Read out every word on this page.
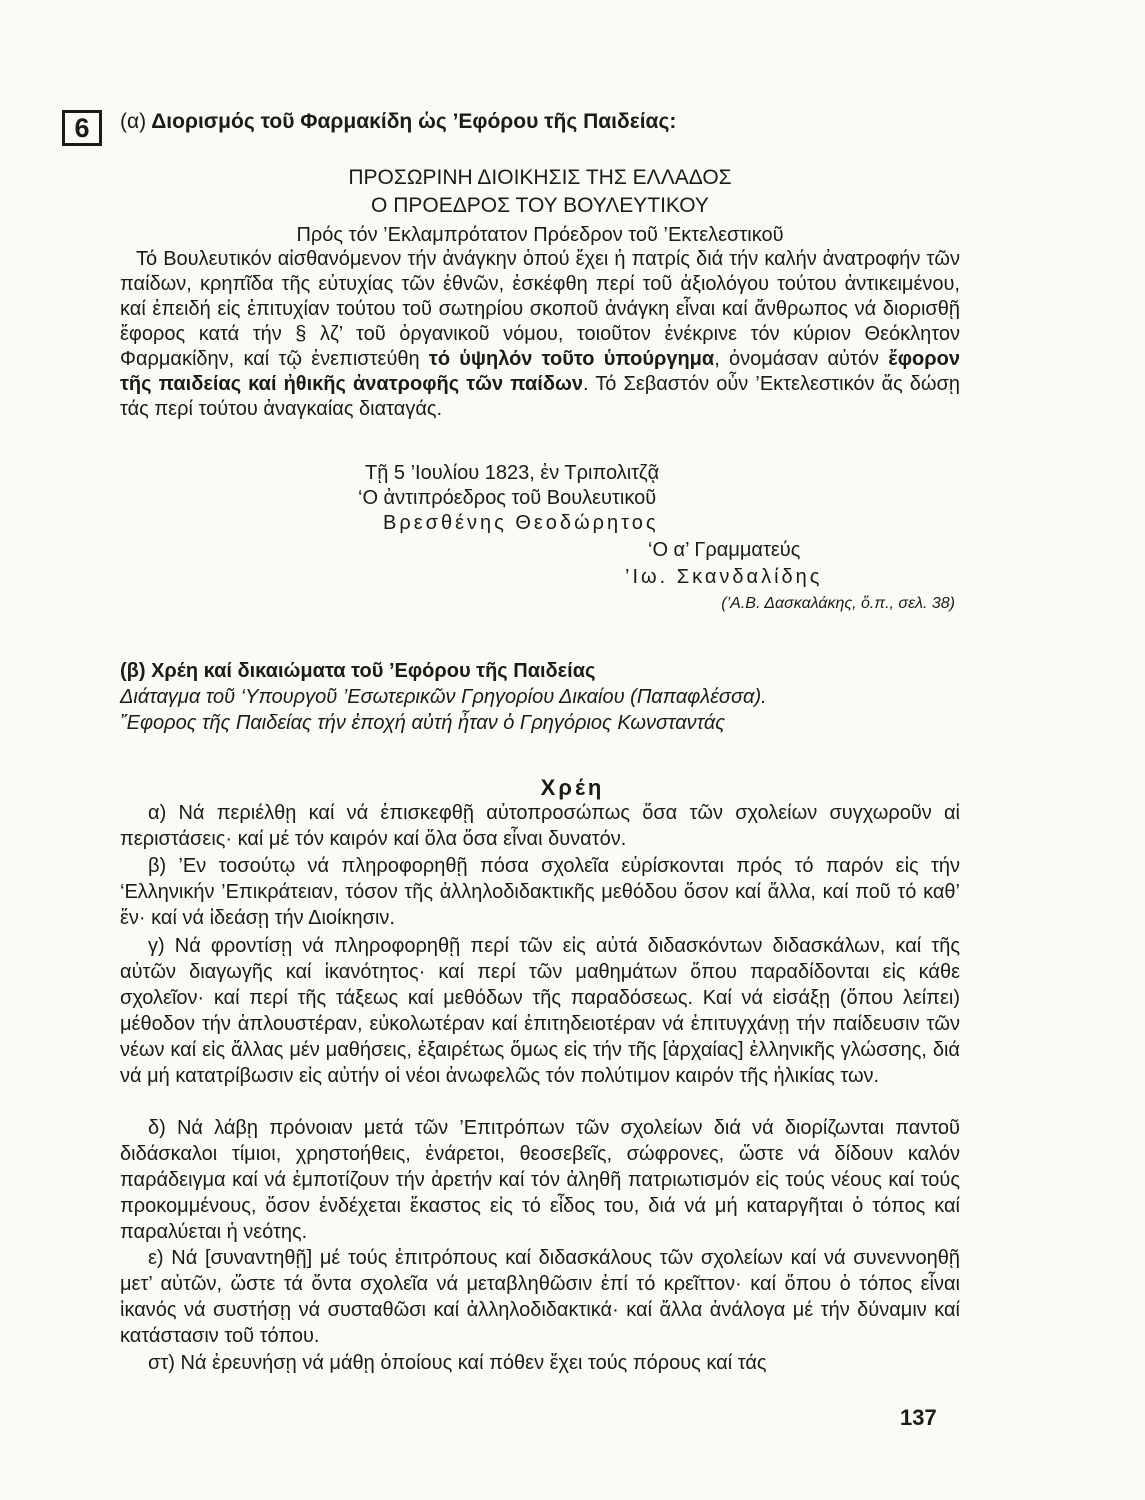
6	(α) Διορισμός τοῦ Φαρμακίδη ὡς ’Εφόρου τῆς Παιδείας:
ΠΡΟΣΩΡΙΝΗ ΔΙΟΙΚΗΣΙΣ ΤΗΣ ΕΛΛΑΔΟΣ
Ο ΠΡΟΕΔΡΟΣ ΤΟΥ ΒΟΥΛΕΥΤΙΚΟΥ
Πρός τόν ’Εκλαμπρότατον Πρόεδρον τοῦ ’Εκτελεστικοῦ

Τό Βουλευτικόν αἰσθανόμενον τήν ἀνάγκην ὁπού ἔχει ἡ πατρίς διά τήν καλήν ἀνατροφήν τῶν παίδων, κρηπῖδα τῆς εὐτυχίας τῶν ἐθνῶν, ἐσκέφθη περί τοῦ ἀξιολόγου τούτου ἀντικειμένου, καί ἐπειδή εἰς ἐπιτυχίαν τούτου τοῦ σωτηρίου σκοποῦ ἀνάγκη εἶναι καί ἄνθρωπος νά διορισθῇ ἔφορος κατά τήν § λζ’ τοῦ ὀργανικοῦ νόμου, τοιοῦτον ἐνέκρινε τόν κύριον Θεόκλητον Φαρμακίδην, καί τῷ ἐνεπιστεύθη τό ὑψηλόν τοῦτο ὑπούργημα, ὀνομάσαν αὐτόν ἔφορον τῆς παιδείας καί ἠθικῆς ἀνατροφῆς τῶν παίδων. Τό Σεβαστόν οὖν ’Εκτελεστικόν ἄς δώσῃ τάς περί τούτου ἀναγκαίας διαταγάς.

Τῇ 5 ’Ιουλίου 1823, ἐν Τριπολιτζᾷ
‘Ο ἀντιπρόεδρος τοῦ Βουλευτικοῦ
Βρεσθένης Θεοδώρητος
‘Ο α’ Γραμματεύς
’Ιω. Σκανδαλίδης
(’Α.Β. Δασκαλάκης, ὅ.π., σελ. 38)
(β) Χρέη καί δικαιώματα τοῦ ’Εφόρου τῆς Παιδείας
Διάταγμα τοῦ ‘Υπουργοῦ ’Εσωτερικῶν Γρηγορίου Δικαίου (Παπαφλέσσα).
῎Εφορος τῆς Παιδείας τήν ἐποχή αὐτή ἦταν ὁ Γρηγόριος Κωνσταντάς
Χρέη

α) Νά περιέλθῃ καί νά ἐπισκεφθῇ αὐτοπροσώπως ὅσα τῶν σχολείων συγχωροῦν αἱ περιστάσεις· καί μέ τόν καιρόν καί ὅλα ὅσα εἶναι δυνατόν.

β) ’Εν τοσούτῳ νά πληροφορηθῇ πόσα σχολεῖα εὑρίσκονται πρός τό παρόν εἰς τήν ‘Ελληνικήν ’Επικράτειαν, τόσον τῆς ἀλληλοδιδακτικῆς μεθόδου ὅσον καί ἄλλα, καί ποῦ τό καθ’ ἕν· καί νά ἰδεάσῃ τήν Διοίκησιν.

γ) Νά φροντίσῃ νά πληροφορηθῇ περί τῶν εἰς αὐτά διδασκόντων διδασκάλων, καί τῆς αὐτῶν διαγωγῆς καί ἱκανότητος· καί περί τῶν μαθημάτων ὅπου παραδίδονται εἰς κάθε σχολεῖον· καί περί τῆς τάξεως καί μεθόδων τῆς παραδόσεως. Καί νά εἰσάξῃ (ὅπου λείπει) μέθοδον τήν ἁπλουστέραν, εὐκολωτέραν καί ἐπιτηδειοτέραν νά ἐπιτυγχάνῃ τήν παίδευσιν τῶν νέων καί εἰς ἄλλας μέν μαθήσεις, ἐξαιρέτως ὅμως εἰς τήν τῆς [ἀρχαίας] ἑλληνικῆς γλώσσης, διά νά μή κατατρίβωσιν εἰς αὐτήν οἱ νέοι ἀνωφελῶς τόν πολύτιμον καιρόν τῆς ἡλικίας των.

δ) Νά λάβῃ πρόνοιαν μετά τῶν ’Επιτρόπων τῶν σχολείων διά νά διορίζωνται παντοῦ διδάσκαλοι τίμιοι, χρηστοήθεις, ἐνάρετοι, θεοσεβεῖς, σώφρονες, ὥστε νά δίδουν καλόν παράδειγμα καί νά ἐμποτίζουν τήν ἀρετήν καί τόν ἀληθῆ πατριωτισμόν εἰς τούς νέους καί τούς προκομμένους, ὅσον ἐνδέχεται ἕκαστος εἰς τό εἶδος του, διά νά μή καταργῆται ὁ τόπος καί παραλύεται ἡ νεότης.

ε) Νά [συναντηθῇ] μέ τούς ἐπιτρόπους καί διδασκάλους τῶν σχολείων καί νά συνεννοηθῇ μετ’ αὐτῶν, ὥστε τά ὄντα σχολεῖα νά μεταβληθῶσιν ἐπί τό κρεῖττον· καί ὅπου ὁ τόπος εἶναι ἱκανός νά συστήσῃ νά συσταθῶσι καί ἀλληλοδιδακτικά· καί ἄλλα ἀνάλογα μέ τήν δύναμιν καί κατάστασιν τοῦ τόπου.

στ) Νά ἐρευνήσῃ νά μάθῃ ὁποίους καί πόθεν ἔχει τούς πόρους καί τάς

137
